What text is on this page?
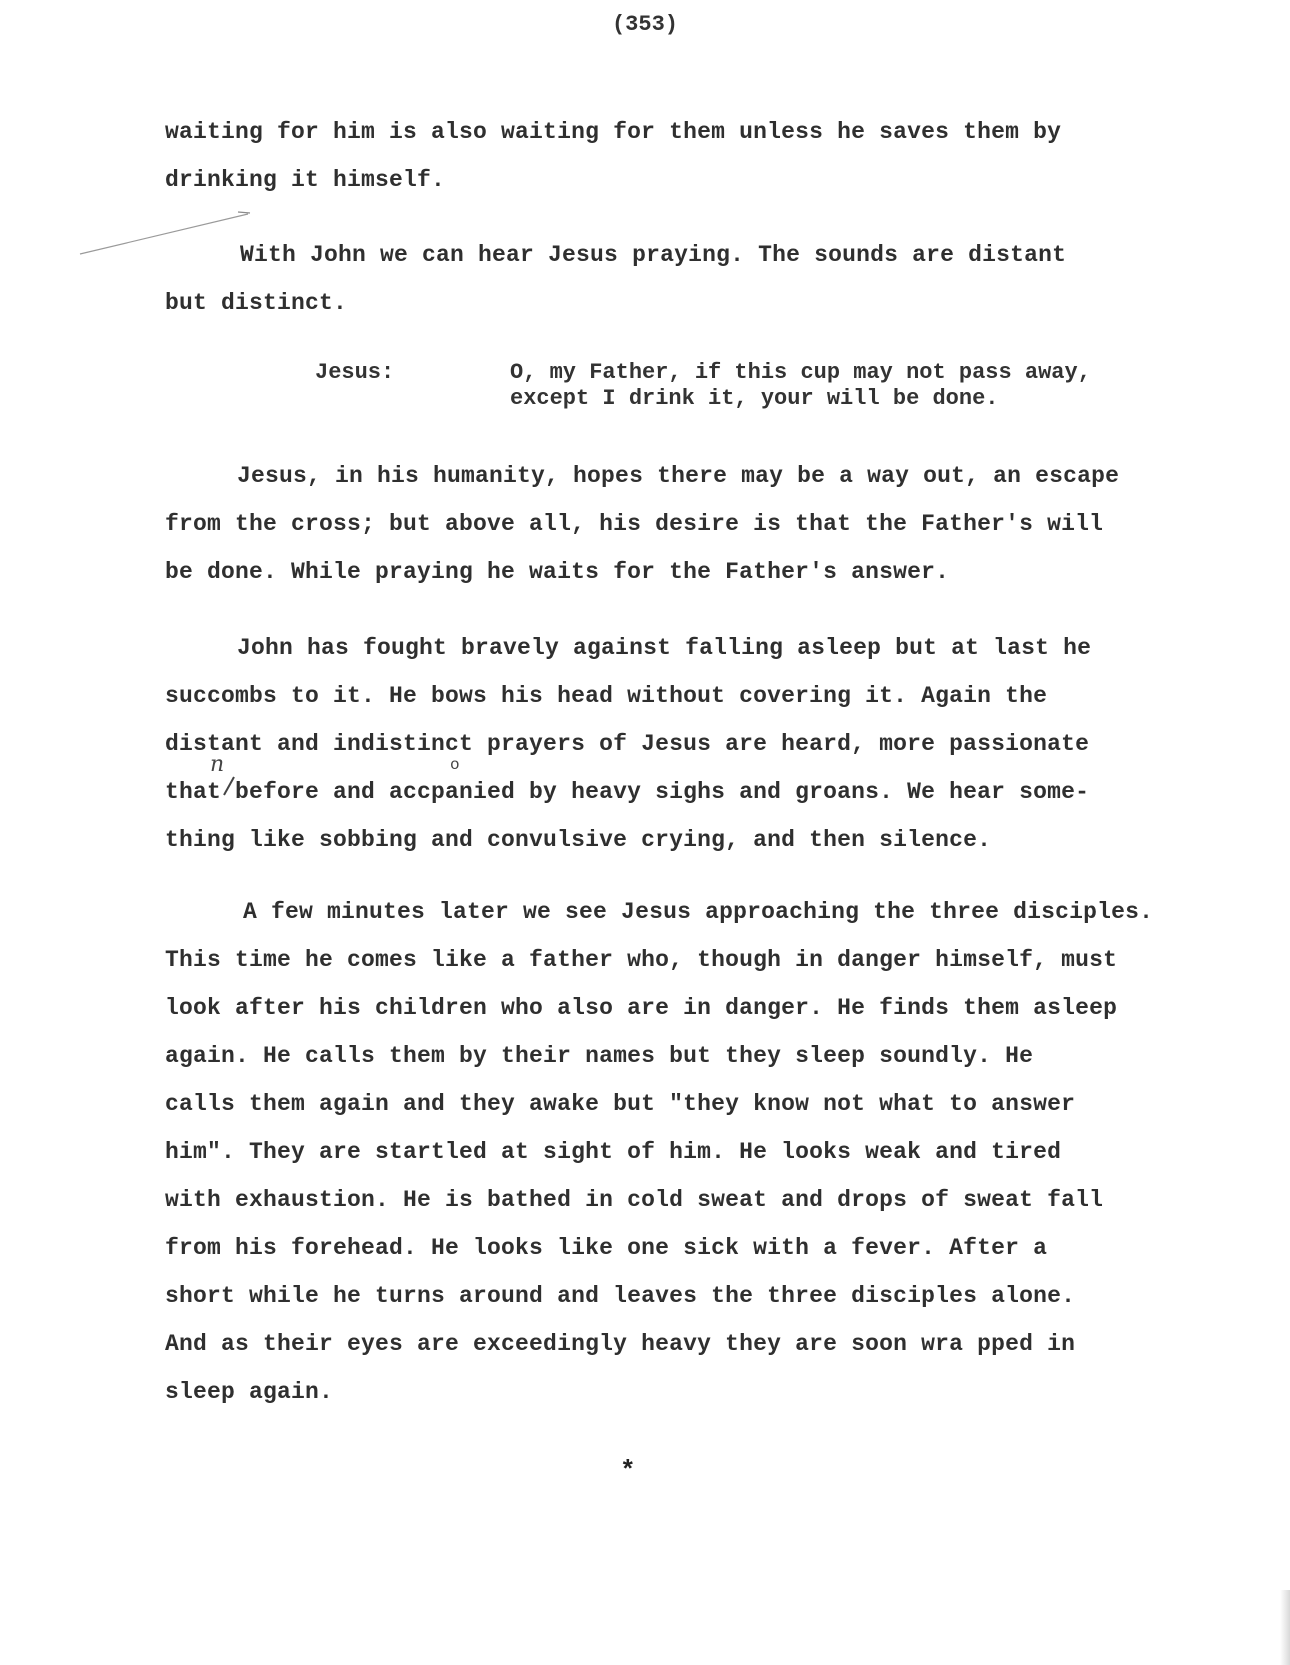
(353)
waiting for him is also waiting for them unless he saves them by
drinking it himself.
With John we can hear Jesus praying. The sounds are distant
but distinct.
Jesus:	O, my Father, if this cup may not pass away,
except I drink it, your will be done.
Jesus, in his humanity, hopes there may be a way out, an escape
from the cross; but above all, his desire is that the Father's will
be done. While praying he waits for the Father's answer.
John has fought bravely against falling asleep but at last he
succombs to it. He bows his head without covering it. Again the
distant and indistinct prayers of Jesus are heard, more passionate
that before and accpanied by heavy sighs and groans. We hear some-
thing like sobbing and convulsive crying, and then silence.
n	o
A few minutes later we see Jesus approaching the three disciples.
This time he comes like a father who, though in danger himself, must
look after his children who also are in danger. He finds them asleep
again. He calls them by their names but they sleep soundly. He
calls them again and they awake but "they know not what to answer
him". They are startled at sight of him. He looks weak and tired
with exhaustion. He is bathed in cold sweat and drops of sweat fall
from his forehead. He looks like one sick with a fever. After a
short while he turns around and leaves the three disciples alone.
And as their eyes are exceedingly heavy they are soon wra pped in
sleep again.
*
